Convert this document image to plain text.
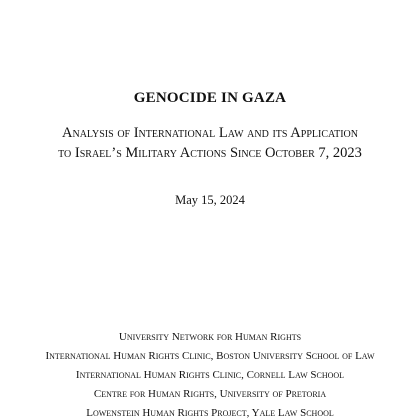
GENOCIDE IN GAZA
Analysis of International Law and its Application
to Israel’s Military Actions Since October 7, 2023
May 15, 2024
University Network for Human Rights
International Human Rights Clinic, Boston University School of Law
International Human Rights Clinic, Cornell Law School
Centre for Human Rights, University of Pretoria
Lowenstein Human Rights Project, Yale Law School
